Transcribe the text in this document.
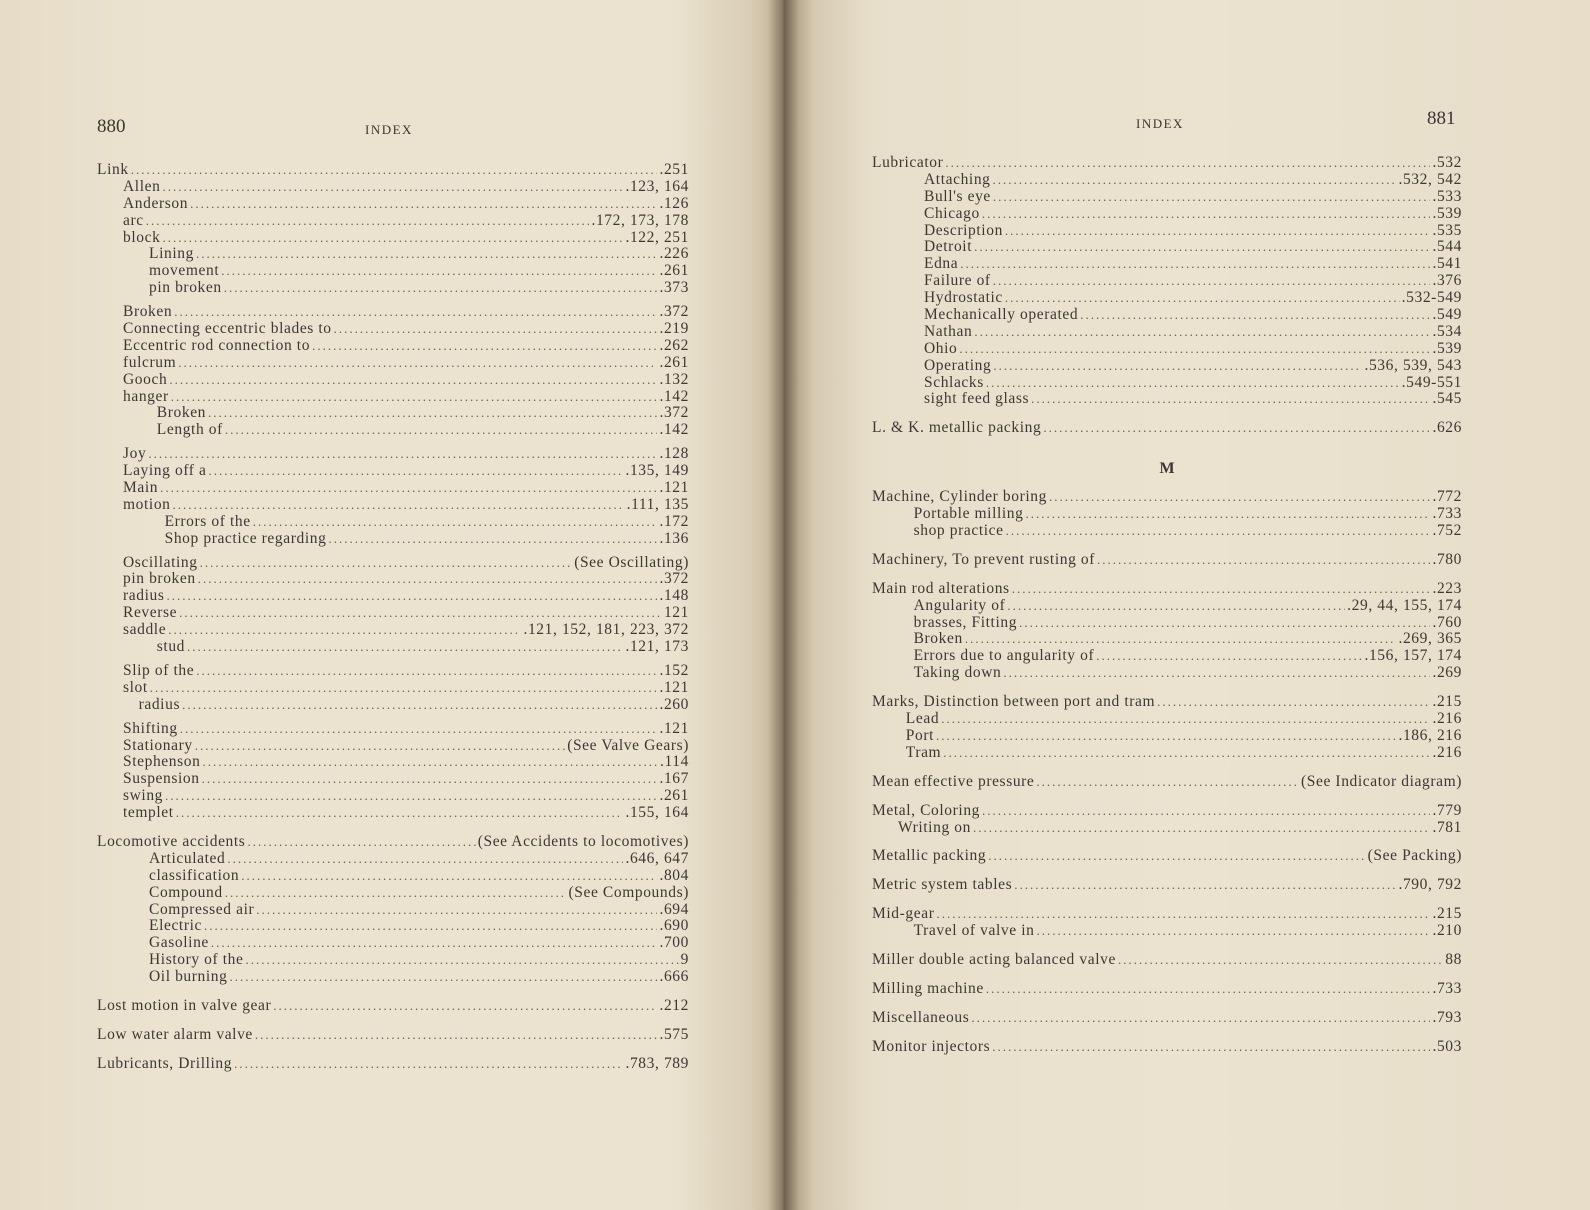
880	INDEX
Link .....	.251
Allen .....	.123, 164
Anderson .....	.126
arc .....	.172, 173, 178
block .....	.122, 251
Lining .....	.226
movement .....	.261
pin broken .....	.373
Broken .....	.372
Connecting eccentric blades to .....	.219
Eccentric rod connection to .....	.262
fulcrum .....	.261
Gooch .....	.132
hanger .....	.142
Broken .....	.372
Length of .....	.142
Joy .....	.128
Laying off a .....	.135, 149
Main .....	.121
motion .....	.111, 135
Errors of the .....	.172
Shop practice regarding .....	.136
Oscillating .....	(See Oscillating)
pin broken .....	.372
radius .....	.148
Reverse .....	121
saddle .....	.121, 152, 181, 223, 372
stud .....	.121, 173
Slip of the .....	.152
slot .....	.121
radius .....	.260
Shifting .....	.121
Stationary .....	(See Valve Gears)
Stephenson .....	.114
Suspension .....	.167
swing .....	.261
templet .....	.155, 164
Locomotive accidents .....	(See Accidents to locomotives)
Articulated .....	.646, 647
classification .....	.804
Compound .....	(See Compounds)
Compressed air .....	.694
Electric .....	.690
Gasoline .....	.700
History of the .....	9
Oil burning .....	.666
Lost motion in valve gear .....	.212
Low water alarm valve .....	.575
Lubricants, Drilling .....	.783, 789
INDEX	881
Lubricator .....	.532
Attaching .....	.532, 542
Bull's eye .....	.533
Chicago .....	.539
Description .....	.535
Detroit .....	.544
Edna .....	.541
Failure of .....	.376
Hydrostatic .....	.532-549
Mechanically operated .....	.549
Nathan .....	.534
Ohio .....	.539
Operating .....	.536, 539, 543
Schlacks .....	.549-551
sight feed glass .....	.545
L. & K. metallic packing .....	.626
M
Machine, Cylinder boring .....	.772
Portable milling .....	.733
shop practice .....	.752
Machinery, To prevent rusting of .....	.780
Main rod alterations .....	.223
Angularity of .....	.29, 44, 155, 174
brasses, Fitting .....	.760
Broken .....	.269, 365
Errors due to angularity of .....	.156, 157, 174
Taking down .....	.269
Marks, Distinction between port and tram .....	.215
Lead .....	.216
Port .....	.186, 216
Tram .....	.216
Mean effective pressure .....	(See Indicator diagram)
Metal, Coloring .....	.779
Writing on .....	.781
Metallic packing .....	(See Packing)
Metric system tables .....	.790, 792
Mid-gear .....	.215
Travel of valve in .....	.210
Miller double acting balanced valve .....	88
Milling machine .....	.733
Miscellaneous .....	.793
Monitor injectors .....	.503
